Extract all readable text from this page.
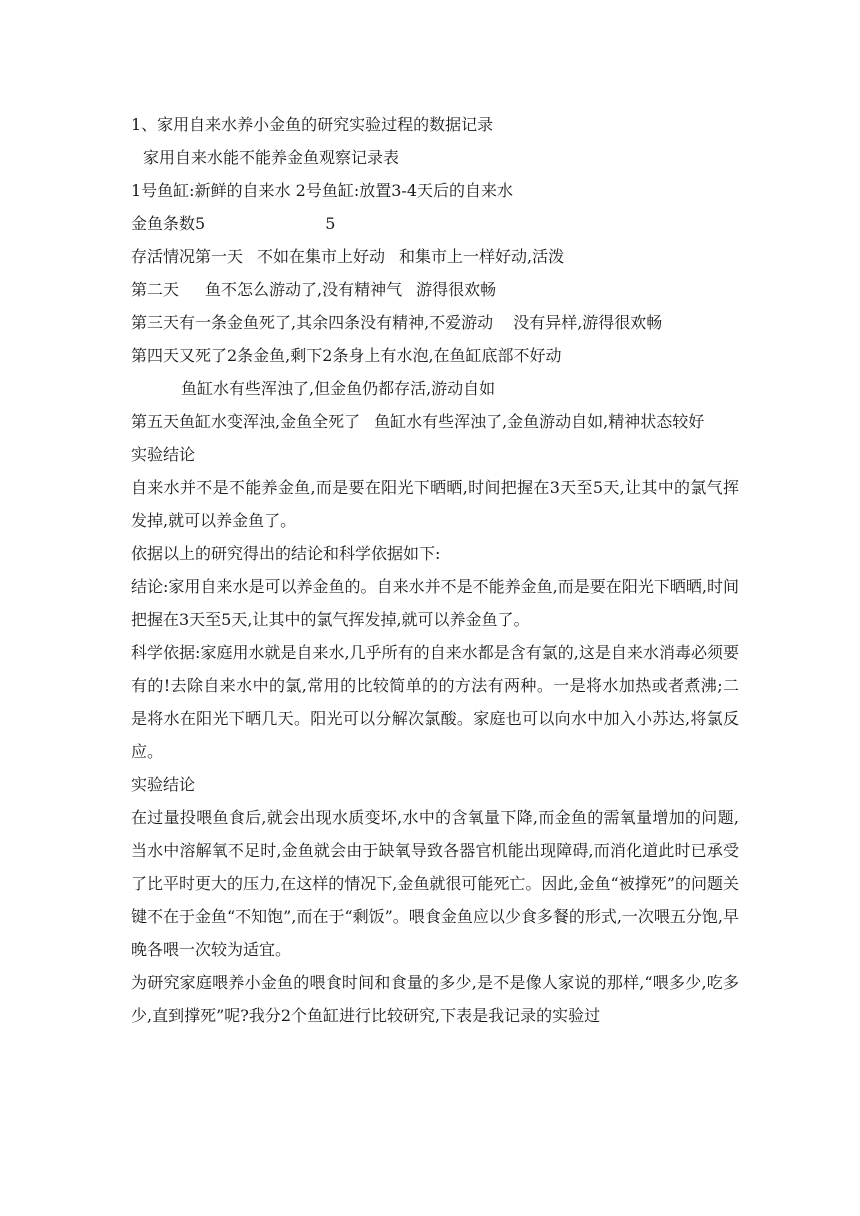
1、家用自来水养小金鱼的研究实验过程的数据记录
家用自来水能不能养金鱼观察记录表
1号鱼缸:新鲜的自来水 2号鱼缸:放置3-4天后的自来水
金鱼条数5	5
存活情况第一天 不如在集市上好动 和集市上一样好动,活泼
第二天 鱼不怎么游动了,没有精神气 游得很欢畅
第三天有一条金鱼死了,其余四条没有精神,不爱游动 没有异样,游得很欢畅
第四天又死了2条金鱼,剩下2条身上有水泡,在鱼缸底部不好动
鱼缸水有些浑浊了,但金鱼仍都存活,游动自如
第五天鱼缸水变浑浊,金鱼全死了 鱼缸水有些浑浊了,金鱼游动自如,精神状态较好
实验结论
自来水并不是不能养金鱼,而是要在阳光下晒晒,时间把握在3天至5天,让其中的氯气挥发掉,就可以养金鱼了。
依据以上的研究得出的结论和科学依据如下:
结论:家用自来水是可以养金鱼的。自来水并不是不能养金鱼,而是要在阳光下晒晒,时间把握在3天至5天,让其中的氯气挥发掉,就可以养金鱼了。
科学依据:家庭用水就是自来水,几乎所有的自来水都是含有氯的,这是自来水消毒必须要有的!去除自来水中的氯,常用的比较简单的的方法有两种。一是将水加热或者煮沸;二是将水在阳光下晒几天。阳光可以分解次氯酸。家庭也可以向水中加入小苏达,将氯反应。
实验结论
在过量投喂鱼食后,就会出现水质变坏,水中的含氧量下降,而金鱼的需氧量增加的问题,当水中溶解氧不足时,金鱼就会由于缺氧导致各器官机能出现障碍,而消化道此时已承受了比平时更大的压力,在这样的情况下,金鱼就很可能死亡。因此,金鱼“被撑死”的问题关键不在于金鱼“不知饱”,而在于“剩饭”。喂食金鱼应以少食多餐的形式,一次喂五分饱,早晚各喂一次较为适宜。
为研究家庭喂养小金鱼的喂食时间和食量的多少,是不是像人家说的那样,“喂多少,吃多少,直到撑死”呢?我分2个鱼缸进行比较研究,下表是我记录的实验过
